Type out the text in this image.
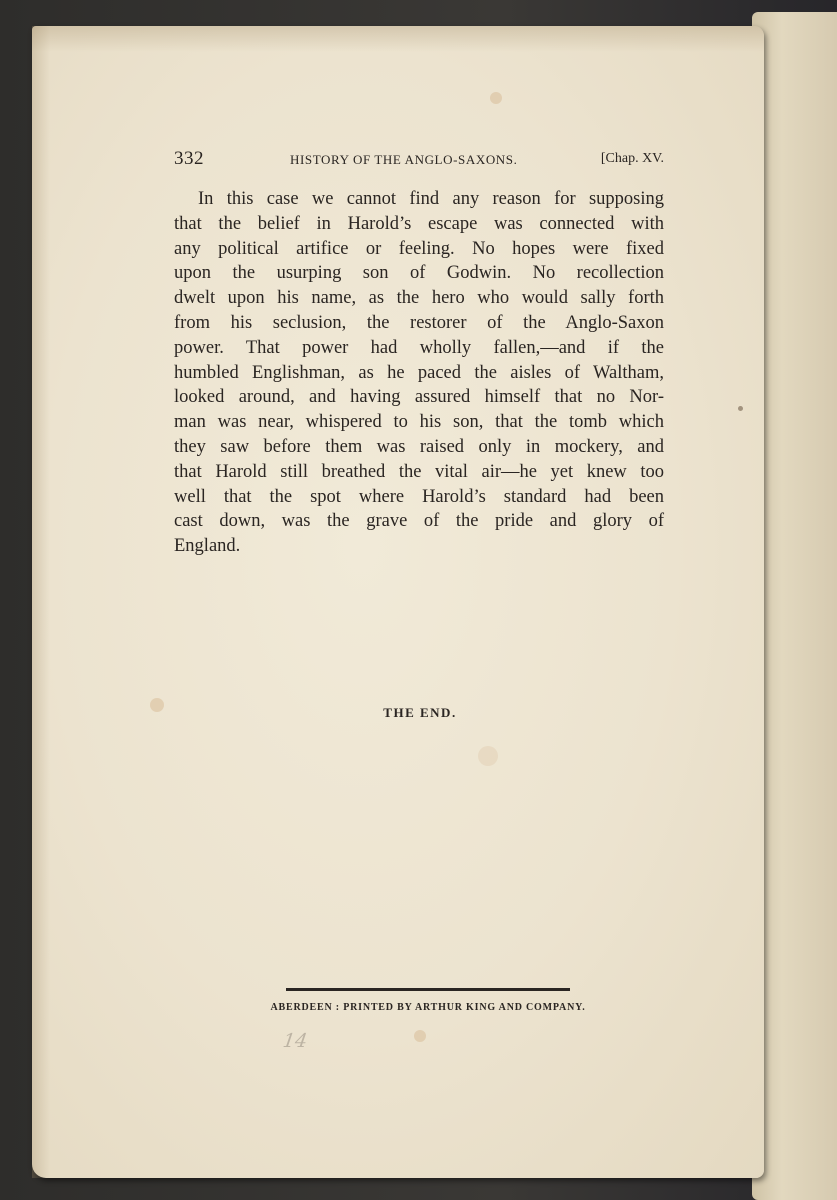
332	HISTORY OF THE ANGLO-SAXONS.	[Chap. XV.
In this case we cannot find any reason for supposing
that the belief in Harold’s escape was connected with
any political artifice or feeling. No hopes were fixed
upon the usurping son of Godwin. No recollection
dwelt upon his name, as the hero who would sally forth
from his seclusion, the restorer of the Anglo-Saxon
power. That power had wholly fallen,—and if the
humbled Englishman, as he paced the aisles of Waltham,
looked around, and having assured himself that no Nor-
man was near, whispered to his son, that the tomb which
they saw before them was raised only in mockery, and
that Harold still breathed the vital air—he yet knew too
well that the spot where Harold’s standard had been
cast down, was the grave of the pride and glory of
England.
THE END.
ABERDEEN : PRINTED BY ARTHUR KING AND COMPANY.
14
